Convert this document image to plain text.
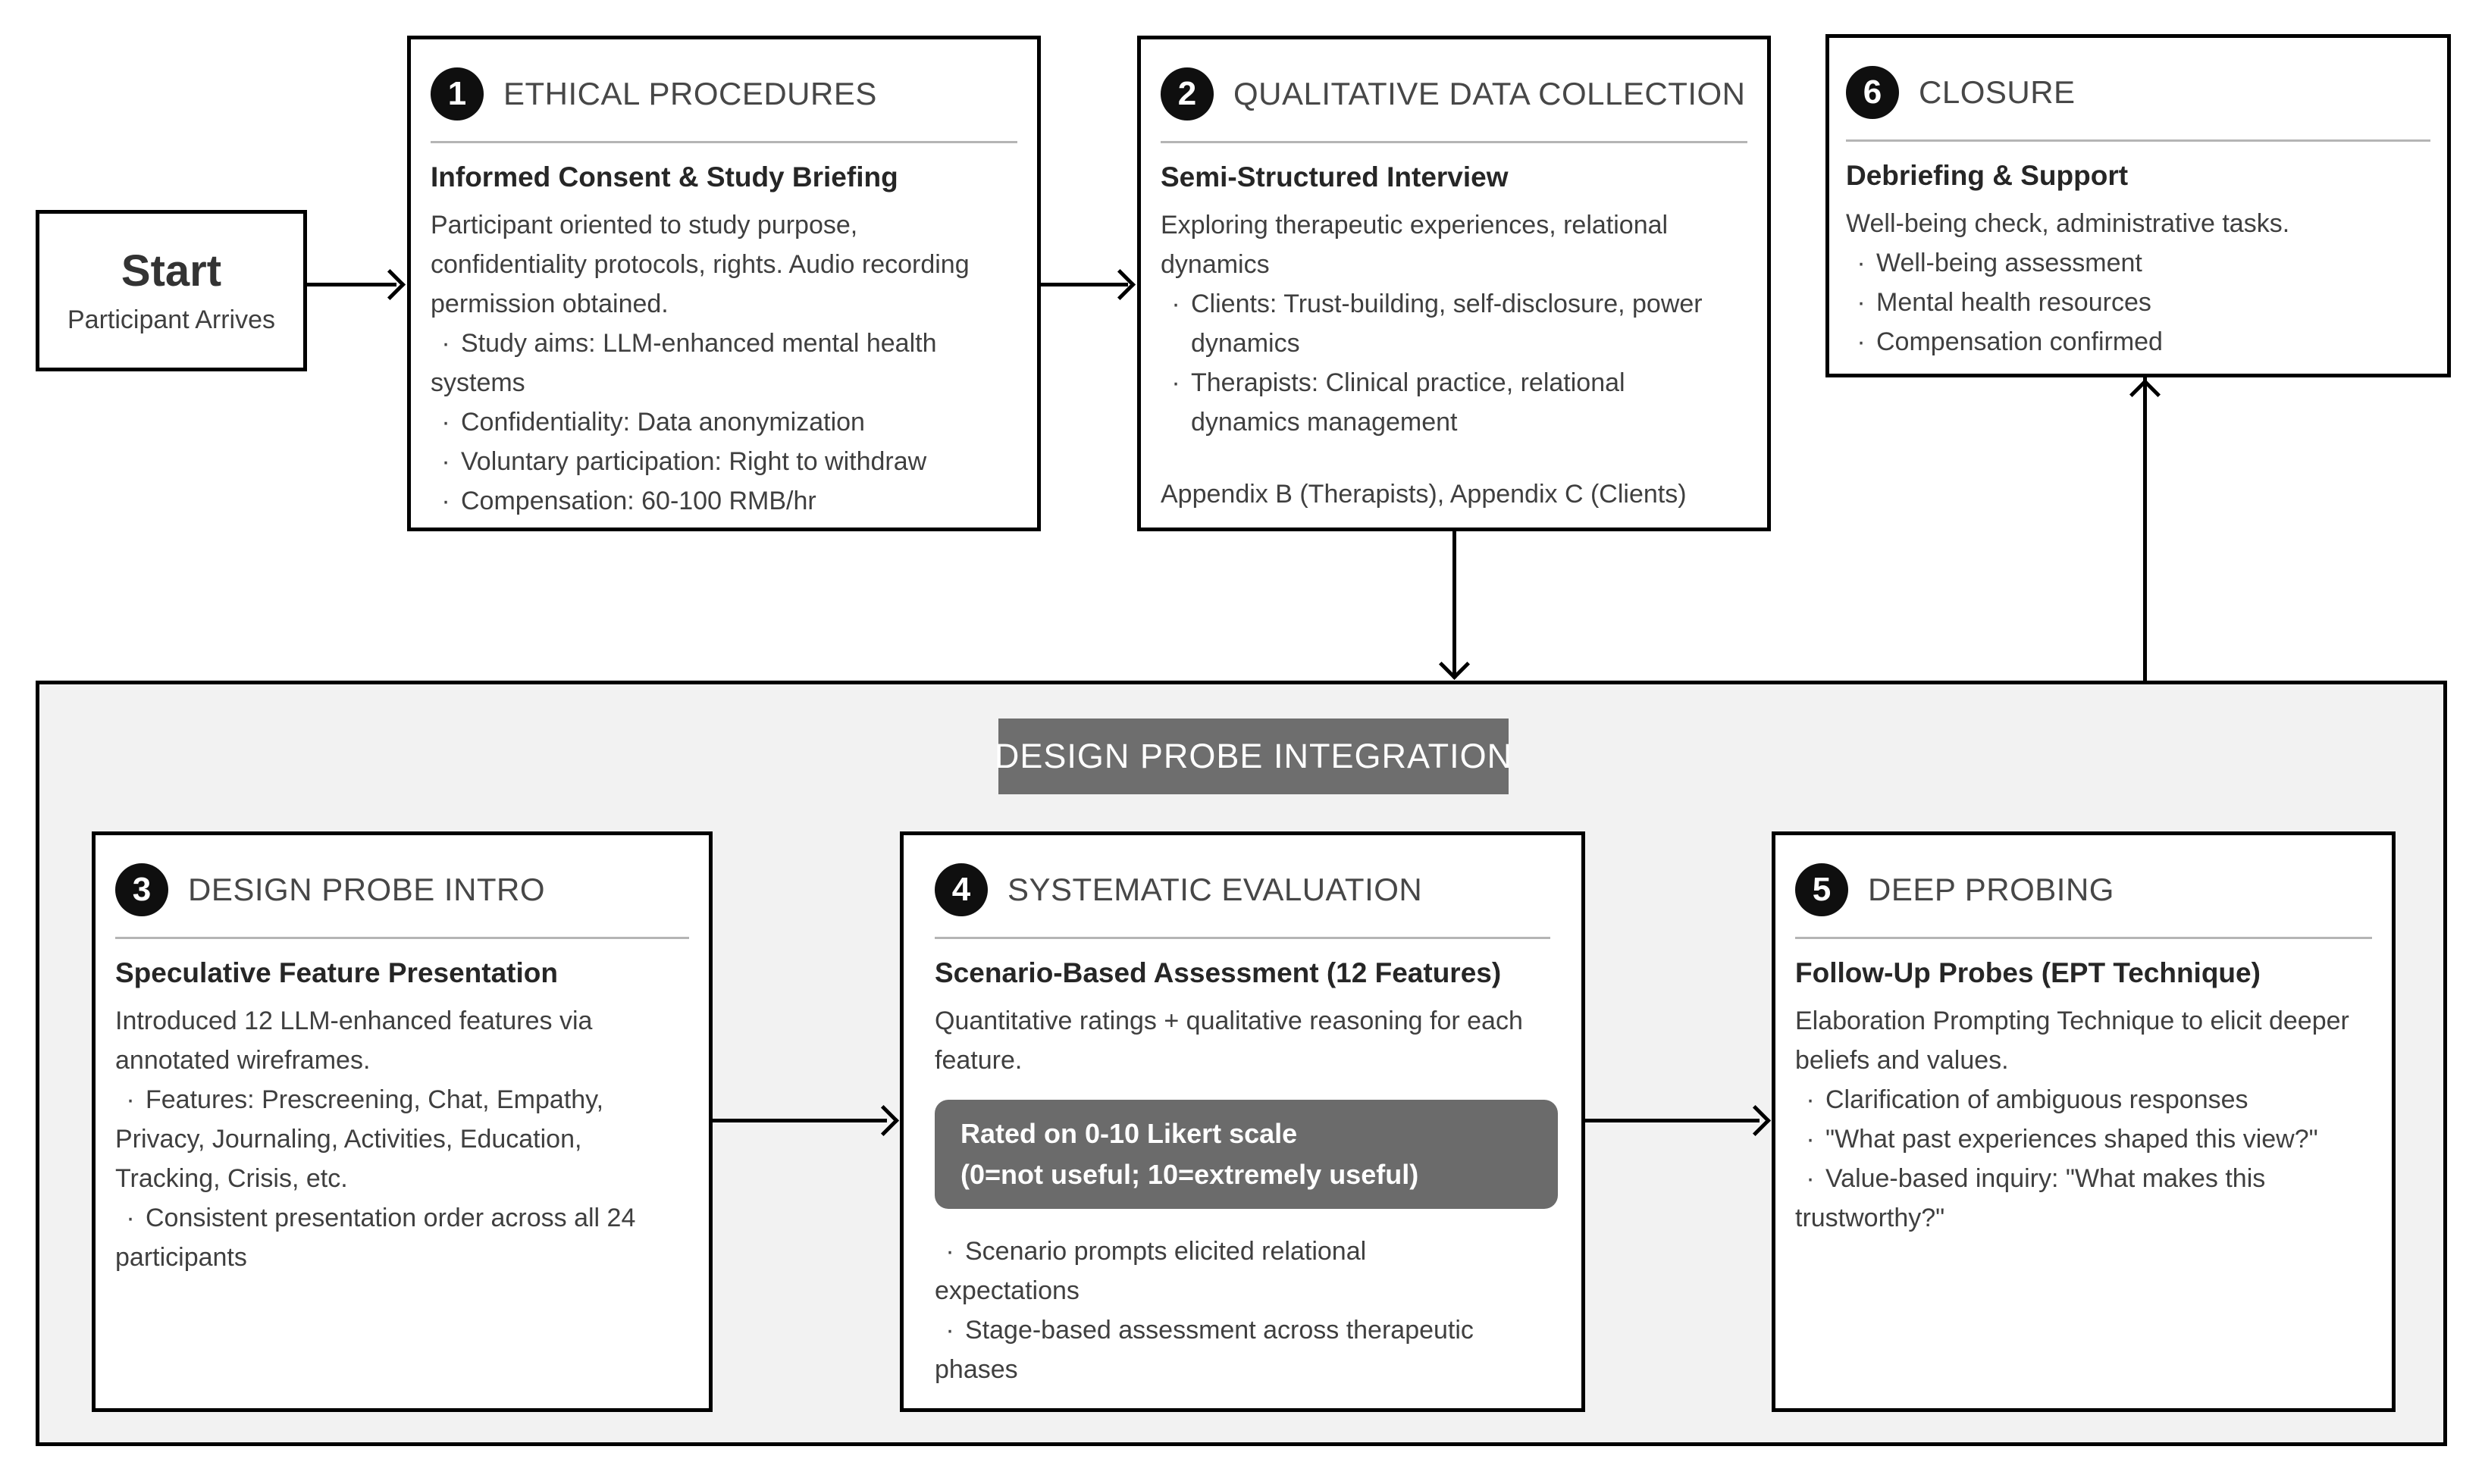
Start
Participant Arrives
1	ETHICAL PROCEDURES
Informed Consent & Study Briefing

Participant oriented to study purpose, confidentiality protocols, rights. Audio recording permission obtained.

· Study aims: LLM-enhanced mental health systems

· Confidentiality: Data anonymization

· Voluntary participation: Right to withdraw

· Compensation: 60-100 RMB/hr

2	QUALITATIVE DATA COLLECTION
Semi-Structured Interview

Exploring therapeutic experiences, relational dynamics

· Clients: Trust-building, self-disclosure, power dynamics
· Therapists: Clinical practice, relational dynamics management
Appendix B (Therapists), Appendix C (Clients)
6	CLOSURE
Debriefing & Support

Well-being check, administrative tasks.

· Well-being assessment

· Mental health resources

· Compensation confirmed

DESIGN PROBE INTEGRATION
3	DESIGN PROBE INTRO
Speculative Feature Presentation

Introduced 12 LLM-enhanced features via annotated wireframes.

· Features: Prescreening, Chat, Empathy, Privacy, Journaling, Activities, Education, Tracking, Crisis, etc.

· Consistent presentation order across all 24 participants

4	SYSTEMATIC EVALUATION
Scenario-Based Assessment (12 Features)

Quantitative ratings + qualitative reasoning for each feature.

Rated on 0-10 Likert scale
(0=not useful; 10=extremely useful)

· Scenario prompts elicited relational expectations

· Stage-based assessment across therapeutic phases

5	DEEP PROBING
Follow-Up Probes (EPT Technique)

Elaboration Prompting Technique to elicit deeper beliefs and values.

· Clarification of ambiguous responses

· "What past experiences shaped this view?"

· Value-based inquiry: "What makes this trustworthy?"
